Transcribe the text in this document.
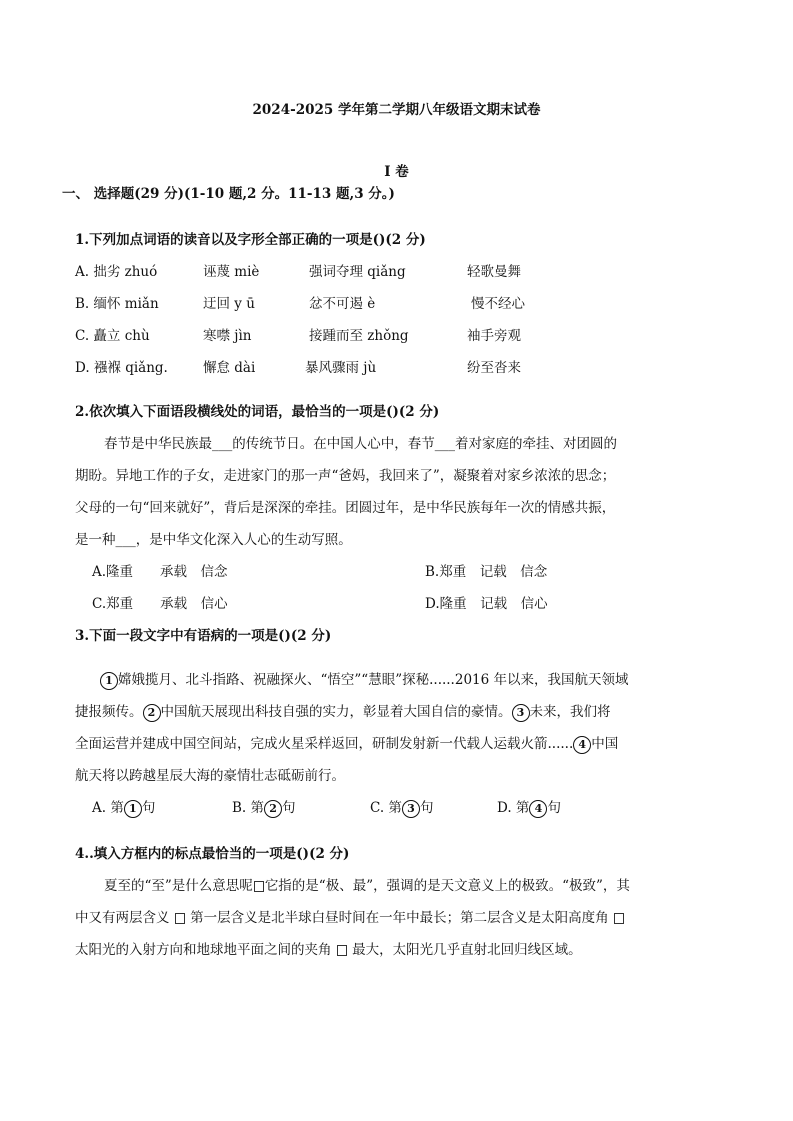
2024-2025 学年第二学期八年级语文期末试卷
I 卷
一、 选择题(29 分)(1-10 题,2 分。11-13 题,3 分。)
1.下列加点词语的读音以及字形全部正确的一项是()(2 分)
A. 拙劣 zhuó	诬蔑 miè	强词夺理 qiǎng	轻歌曼舞
B. 缅怀 miǎn	迂回 y ū	忿不可遏 è	慢不经心
C. 矗立 chù	寒噤 jìn	接踵而至 zhǒng	袖手旁观
D. 襁褓 qiǎng.	懈怠 dài	暴风骤雨 jù	纷至沓来
2.依次填入下面语段横线处的词语，最恰当的一项是()(2 分)
春节是中华民族最___的传统节日。在中国人心中，春节___着对家庭的牵挂、对团圆的
期盼。异地工作的子女，走进家门的那一声“爸妈，我回来了”，凝聚着对家乡浓浓的思念；
父母的一句“回来就好”，背后是深深的牵挂。团圆过年，是中华民族每年一次的情感共振，
是一种___，是中华文化深入人心的生动写照。
A.隆重　　承载　信念	B.郑重　记载　信念
C.郑重　　承载　信心	D.隆重　记载　信心
3.下面一段文字中有语病的一项是()(2 分)
1 嫦娥揽月、北斗指路、祝融探火、“悟空”“慧眼”探秘......2016 年以来，我国航天领域
捷报频传。 2 中国航天展现出科技自强的实力，彰显着大国自信的豪情。 3 未来，我们将
全面运营并建成中国空间站，完成火星采样返回，研制发射新一代载人运载火箭...... 4 中国
航天将以跨越星辰大海的豪情壮志砥砺前行。
A. 第 1 句	B. 第 2 句	C. 第 3 句	D. 第 4 句
4..填入方框内的标点最恰当的一项是()(2 分)
夏至的“至”是什么意思呢 它指的是“极、最”，强调的是天文意义上的极致。“极致”，其
中又有两层含义 第一层含义是北半球白昼时间在一年中最长；第二层含义是太阳高度角
太阳光的入射方向和地球地平面之间的夹角 最大，太阳光几乎直射北回归线区域。
